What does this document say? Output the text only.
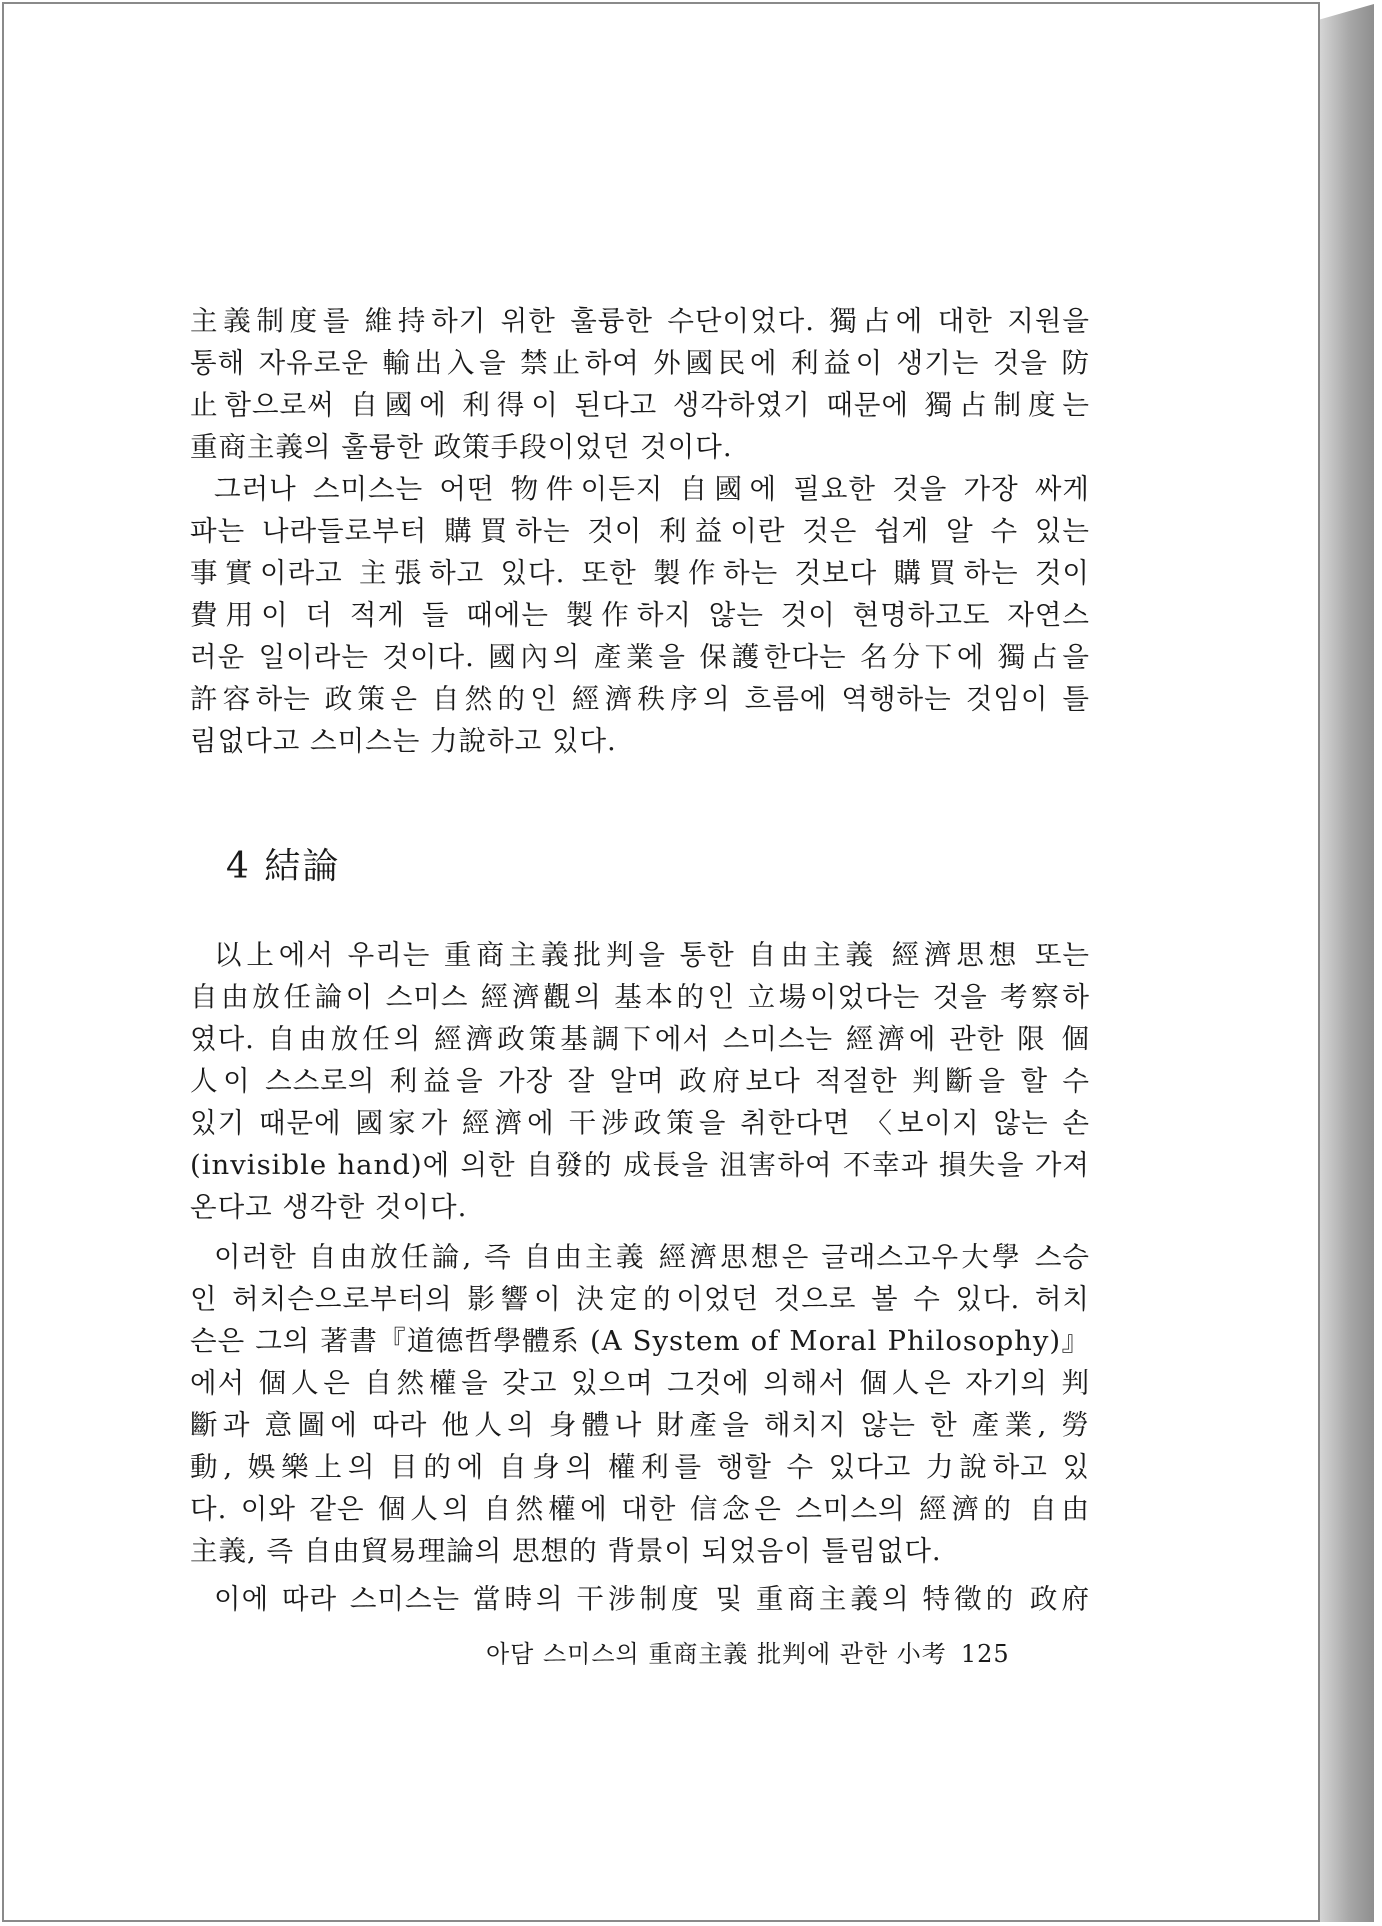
主義制度를 維持하기 위한 훌륭한 수단이었다. 獨占에 대한 지원을
통해 자유로운 輸出入을 禁止하여 外國民에 利益이 생기는 것을 防
止함으로써 自國에 利得이 된다고 생각하였기 때문에 獨占制度는
重商主義의 훌륭한 政策手段이었던 것이다.
그러나 스미스는 어떤 物件이든지 自國에 필요한 것을 가장 싸게
파는 나라들로부터 購買하는 것이 利益이란 것은 쉽게 알 수 있는
事實이라고 主張하고 있다. 또한 製作하는 것보다 購買하는 것이
費用이 더 적게 들 때에는 製作하지 않는 것이 현명하고도 자연스
러운 일이라는 것이다. 國內의 產業을 保護한다는 名分下에 獨占을
許容하는 政策은 自然的인 經濟秩序의 흐름에 역행하는 것임이 틀
림없다고 스미스는 力說하고 있다.
4 結論
以上에서 우리는 重商主義批判을 통한 自由主義 經濟思想 또는
自由放任論이 스미스 經濟觀의 基本的인 立場이었다는 것을 考察하
였다. 自由放任의 經濟政策基調下에서 스미스는 經濟에 관한 限 個
人이 스스로의 利益을 가장 잘 알며 政府보다 적절한 判斷을 할 수
있기 때문에 國家가 經濟에 干涉政策을 취한다면 〈보이지 않는 손
(invisible hand)에 의한 自發的 成長을 沮害하여 不幸과 損失을 가져
온다고 생각한 것이다.
이러한 自由放任論, 즉 自由主義 經濟思想은 글래스고우大學 스승
인 허치슨으로부터의 影響이 決定的이었던 것으로 볼 수 있다. 허치
슨은 그의 著書『道德哲學體系 (A System of Moral Philosophy)』
에서 個人은 自然權을 갖고 있으며 그것에 의해서 個人은 자기의 判
斷과 意圖에 따라 他人의 身體나 財產을 해치지 않는 한 產業, 勞
動, 娛樂上의 目的에 自身의 權利를 행할 수 있다고 力說하고 있
다. 이와 같은 個人의 自然權에 대한 信念은 스미스의 經濟的 自由
主義, 즉 自由貿易理論의 思想的 背景이 되었음이 틀림없다.
이에 따라 스미스는 當時의 干涉制度 및 重商主義의 特徵的 政府
아담 스미스의 重商主義 批判에 관한 小考 125
